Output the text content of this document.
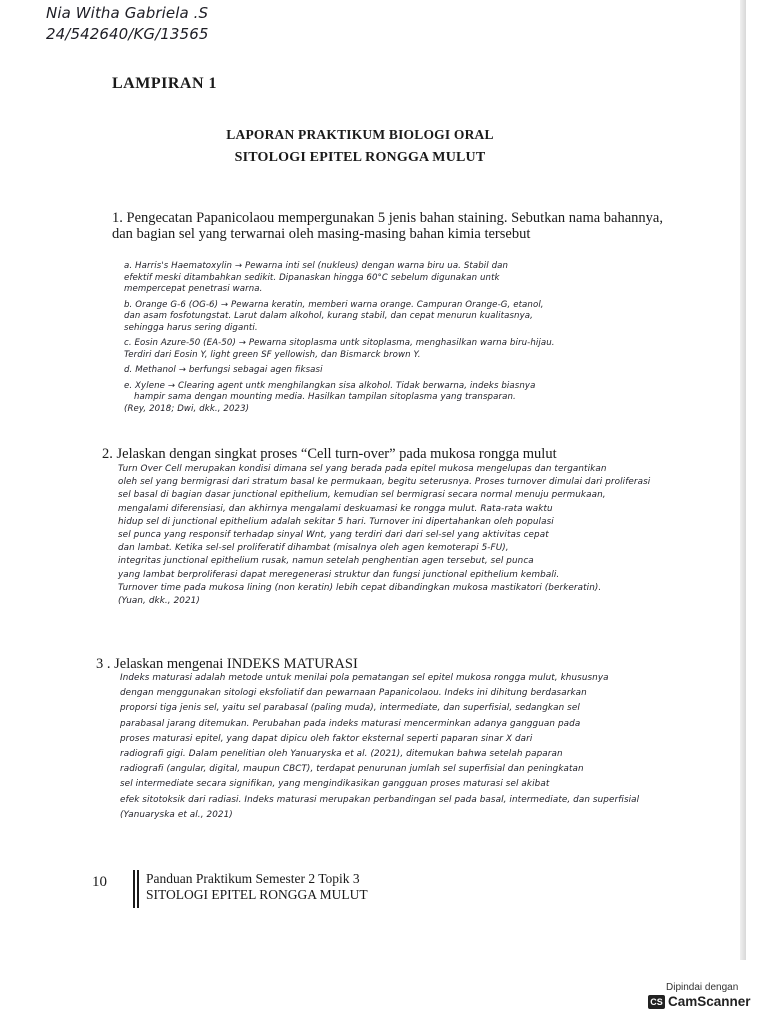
Nia Witha Gabriela .S
24/542640/KG/13565
LAMPIRAN 1
LAPORAN PRAKTIKUM BIOLOGI ORAL
SITOLOGI EPITEL RONGGA MULUT
1. Pengecatan Papanicolaou mempergunakan 5 jenis bahan staining. Sebutkan nama bahannya, dan bagian sel yang terwarnai oleh masing-masing bahan kimia tersebut
a. Harris's Haematoxylin → Pewarna inti sel (nukleus) dengan warna biru ua. Stabil dan
efektif meski ditambahkan sedikit. Dipanaskan hingga 60°C sebelum digunakan untk
mempercepat penetrasi warna.
b. Orange G-6 (OG-6) → Pewarna keratin, memberi warna orange. Campuran Orange-G, etanol,
dan asam fosfotungstat. Larut dalam alkohol, kurang stabil, dan cepat menurun kualitasnya,
sehingga harus sering diganti.
c. Eosin Azure-50 (EA-50) → Pewarna sitoplasma untk sitoplasma, menghasilkan warna biru-hijau.
Terdiri dari Eosin Y, light green SF yellowish, dan Bismarck brown Y.
d. Methanol → berfungsi sebagai agen fiksasi
e. Xylene → Clearing agent untk menghilangkan sisa alkohol. Tidak berwarna, indeks biasnya
hampir sama dengan mounting media. Hasilkan tampilan sitoplasma yang transparan.
(Rey, 2018; Dwi, dkk., 2023)
2. Jelaskan dengan singkat proses “Cell turn-over” pada mukosa rongga mulut
Turn Over Cell merupakan kondisi dimana sel yang berada pada epitel mukosa mengelupas dan tergantikan
oleh sel yang bermigrasi dari stratum basal ke permukaan, begitu seterusnya. Proses turnover dimulai dari proliferasi
sel basal di bagian dasar junctional epithelium, kemudian sel bermigrasi secara normal menuju permukaan,
mengalami diferensiasi, dan akhirnya mengalami deskuamasi ke rongga mulut. Rata-rata waktu
hidup sel di junctional epithelium adalah sekitar 5 hari. Turnover ini dipertahankan oleh populasi
sel punca yang responsif terhadap sinyal Wnt, yang terdiri dari dari sel-sel yang aktivitas cepat
dan lambat. Ketika sel-sel proliferatif dihambat (misalnya oleh agen kemoterapi 5-FU),
integritas junctional epithelium rusak, namun setelah penghentian agen tersebut, sel punca
yang lambat berproliferasi dapat meregenerasi struktur dan fungsi junctional epithelium kembali.
Turnover time pada mukosa lining (non keratin) lebih cepat dibandingkan mukosa mastikatori (berkeratin).
(Yuan, dkk., 2021)
3 . Jelaskan mengenai INDEKS MATURASI
Indeks maturasi adalah metode untuk menilai pola pematangan sel epitel mukosa rongga mulut, khususnya
dengan menggunakan sitologi eksfoliatif dan pewarnaan Papanicolaou. Indeks ini dihitung berdasarkan
proporsi tiga jenis sel, yaitu sel parabasal (paling muda), intermediate, dan superfisial, sedangkan sel
parabasal jarang ditemukan. Perubahan pada indeks maturasi mencerminkan adanya gangguan pada
proses maturasi epitel, yang dapat dipicu oleh faktor eksternal seperti paparan sinar X dari
radiografi gigi. Dalam penelitian oleh Yanuaryska et al. (2021), ditemukan bahwa setelah paparan
radiografi (angular, digital, maupun CBCT), terdapat penurunan jumlah sel superfisial dan peningkatan
sel intermediate secara signifikan, yang mengindikasikan gangguan proses maturasi sel akibat
efek sitotoksik dari radiasi. Indeks maturasi merupakan perbandingan sel pada basal, intermediate, dan superfisial
(Yanuaryska et al., 2021)
10	Panduan Praktikum Semester 2 Topik 3
SITOLOGI EPITEL RONGGA MULUT
Dipindai dengan
CS CamScanner
